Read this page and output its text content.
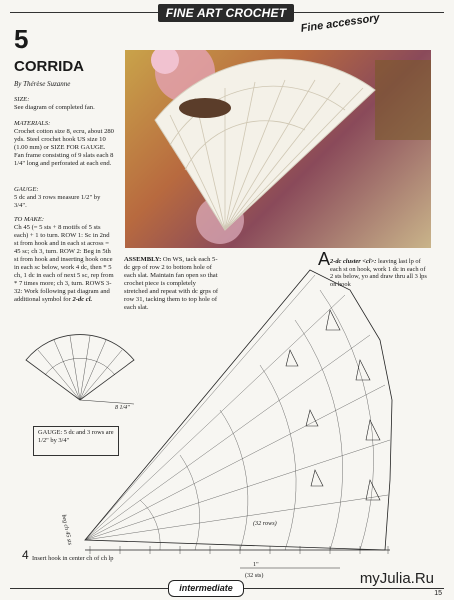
FINE ART CROCHET	Fine accessory
5
CORRIDA
By Thérèse Suzanne
SIZE:
See diagram of completed fan.
MATERIALS:
Crochet cotton size 8, ecru, about 280 yds. Steel crochet hook US size 10 (1.00 mm) or SIZE FOR GAUGE. Fan frame consisting of 9 slats each 8 1/4" long and perforated at each end.
GAUGE:
5 dc and 3 rows measure 1/2" by 3/4".
TO MAKE:
Ch 45 (= 5 sts + 8 motifs of 5 sts each) + 1 to turn. ROW 1: Sc in 2nd st from hook and in each st across = 45 sc; ch 3, turn. ROW 2: Beg in 5th st from hook and inserting hook once in each sc below, work 4 dc, then * 5 ch, 1 dc in each of next 5 sc, rep from * 7 times more; ch 3, turn. ROWS 3-32: Work following pat diagram and additional symbol for 2-dc cl.
ASSEMBLY: On WS, tack each 5-dc grp of row 2 to bottom hole of each slat. Maintain fan open so that crochet piece is completely stretched and repeat with dc grps of row 31, tacking them to top hole of each slat.
A 2-dc cluster <cl>: leaving last lp of each st on hook, work 1 dc in each of 2 sts below, yo and draw thru all 3 lps on hook
8 1/4"
GAUGE: 5 dc and 3 rows are 1/2" by 3/4"
(32 rows)
1"
(32 sts)
beg ch 45 sts
4 Insert hook in center ch of ch lp
intermediate
myJulia.Ru
15
